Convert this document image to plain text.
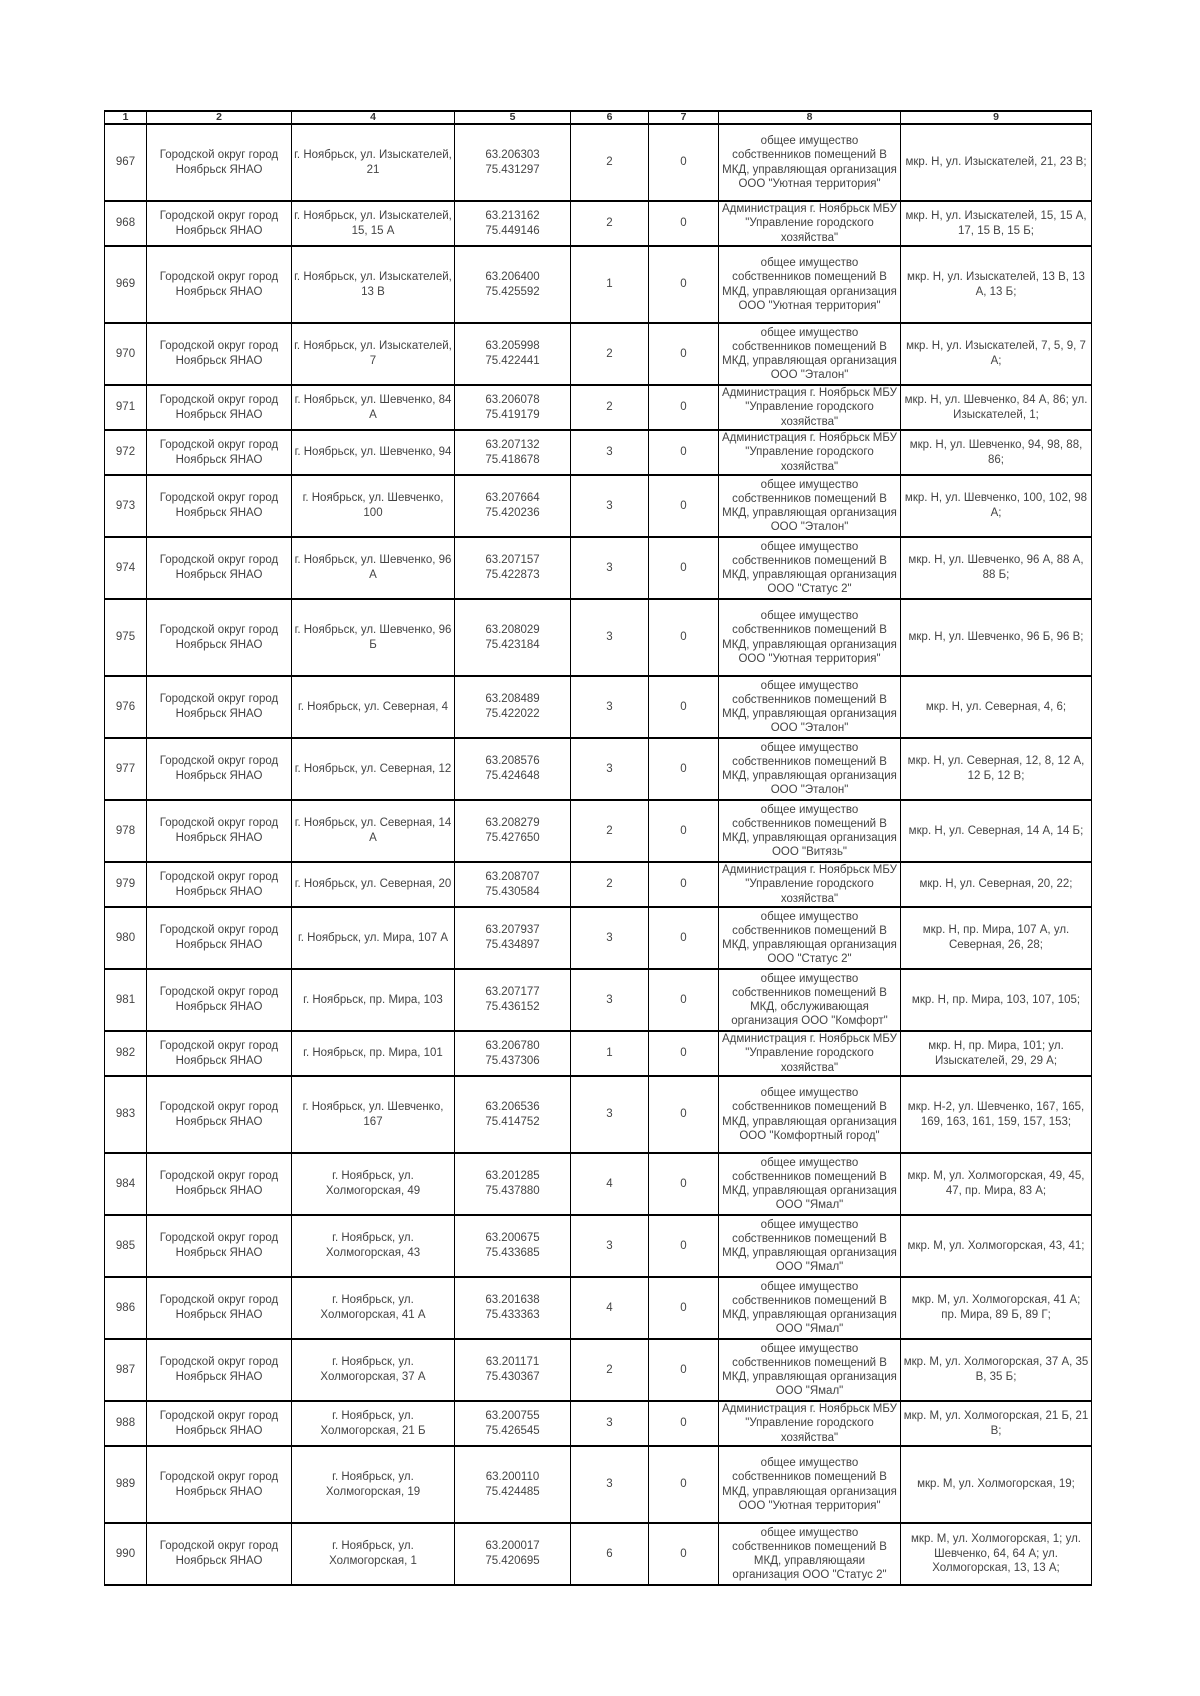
1	2	4	5	6	7	8	9
967	Городской округ город Ноябрьск ЯНАО	г. Ноябрьск, ул. Изыскателей, 21	63.206303 75.431297	2	0	общее имущество собственников помещений В МКД, управляющая организация ООО "Уютная территория"	мкр. Н, ул. Изыскателей, 21, 23 В;
968	Городской округ город Ноябрьск ЯНАО	г. Ноябрьск, ул. Изыскателей, 15, 15 А	63.213162 75.449146	2	0	Администрация г. Ноябрьск МБУ "Управление городского хозяйства"	мкр. Н, ул. Изыскателей, 15, 15 А, 17, 15 В, 15 Б;
969	Городской округ город Ноябрьск ЯНАО	г. Ноябрьск, ул. Изыскателей, 13 В	63.206400 75.425592	1	0	общее имущество собственников помещений В МКД, управляющая организация ООО "Уютная территория"	мкр. Н, ул. Изыскателей, 13 В, 13 А, 13 Б;
970	Городской округ город Ноябрьск ЯНАО	г. Ноябрьск, ул. Изыскателей, 7	63.205998 75.422441	2	0	общее имущество собственников помещений В МКД, управляющая организация ООО "Эталон"	мкр. Н, ул. Изыскателей, 7, 5, 9, 7 А;
971	Городской округ город Ноябрьск ЯНАО	г. Ноябрьск, ул. Шевченко, 84 А	63.206078 75.419179	2	0	Администрация г. Ноябрьск МБУ "Управление городского хозяйства"	мкр. Н, ул. Шевченко, 84 А, 86; ул. Изыскателей, 1;
972	Городской округ город Ноябрьск ЯНАО	г. Ноябрьск, ул. Шевченко, 94	63.207132 75.418678	3	0	Администрация г. Ноябрьск МБУ "Управление городского хозяйства"	мкр. Н, ул. Шевченко, 94, 98, 88, 86;
973	Городской округ город Ноябрьск ЯНАО	г. Ноябрьск, ул. Шевченко, 100	63.207664 75.420236	3	0	общее имущество собственников помещений В МКД, управляющая организация ООО "Эталон"	мкр. Н, ул. Шевченко, 100, 102, 98 А;
974	Городской округ город Ноябрьск ЯНАО	г. Ноябрьск, ул. Шевченко, 96 А	63.207157 75.422873	3	0	общее имущество собственников помещений В МКД, управляющая организация ООО "Статус 2"	мкр. Н, ул. Шевченко, 96 А, 88 А, 88 Б;
975	Городской округ город Ноябрьск ЯНАО	г. Ноябрьск, ул. Шевченко, 96 Б	63.208029 75.423184	3	0	общее имущество собственников помещений В МКД, управляющая организация ООО "Уютная территория"	мкр. Н, ул. Шевченко, 96 Б, 96 В;
976	Городской округ город Ноябрьск ЯНАО	г. Ноябрьск, ул. Северная, 4	63.208489 75.422022	3	0	общее имущество собственников помещений В МКД, управляющая организация ООО "Эталон"	мкр. Н, ул. Северная, 4, 6;
977	Городской округ город Ноябрьск ЯНАО	г. Ноябрьск, ул. Северная, 12	63.208576 75.424648	3	0	общее имущество собственников помещений В МКД, управляющая организация ООО "Эталон"	мкр. Н, ул. Северная, 12, 8, 12 А, 12 Б, 12 В;
978	Городской округ город Ноябрьск ЯНАО	г. Ноябрьск, ул. Северная, 14 А	63.208279 75.427650	2	0	общее имущество собственников помещений В МКД, управляющая организация ООО "Витязь"	мкр. Н, ул. Северная, 14 А, 14 Б;
979	Городской округ город Ноябрьск ЯНАО	г. Ноябрьск, ул. Северная, 20	63.208707 75.430584	2	0	Администрация г. Ноябрьск МБУ "Управление городского хозяйства"	мкр. Н, ул. Северная, 20, 22;
980	Городской округ город Ноябрьск ЯНАО	г. Ноябрьск, ул. Мира, 107 А	63.207937 75.434897	3	0	общее имущество собственников помещений В МКД, управляющая организация ООО "Статус 2"	мкр. Н, пр. Мира, 107 А, ул. Северная, 26, 28;
981	Городской округ город Ноябрьск ЯНАО	г. Ноябрьск, пр. Мира, 103	63.207177 75.436152	3	0	общее имущество собственников помещений В МКД, обслуживающая организация ООО "Комфорт"	мкр. Н, пр. Мира, 103, 107, 105;
982	Городской округ город Ноябрьск ЯНАО	г. Ноябрьск, пр. Мира, 101	63.206780 75.437306	1	0	Администрация г. Ноябрьск МБУ "Управление городского хозяйства"	мкр. Н, пр. Мира, 101; ул. Изыскателей, 29, 29 А;
983	Городской округ город Ноябрьск ЯНАО	г. Ноябрьск, ул. Шевченко, 167	63.206536 75.414752	3	0	общее имущество собственников помещений В МКД, управляющая организация ООО "Комфортный город"	мкр. Н-2, ул. Шевченко, 167, 165, 169, 163, 161, 159, 157, 153;
984	Городской округ город Ноябрьск ЯНАО	г. Ноябрьск, ул. Холмогорская, 49	63.201285 75.437880	4	0	общее имущество собственников помещений В МКД, управляющая организация ООО "Ямал"	мкр. М, ул. Холмогорская, 49, 45, 47, пр. Мира, 83 А;
985	Городской округ город Ноябрьск ЯНАО	г. Ноябрьск, ул. Холмогорская, 43	63.200675 75.433685	3	0	общее имущество собственников помещений В МКД, управляющая организация ООО "Ямал"	мкр. М, ул. Холмогорская, 43, 41;
986	Городской округ город Ноябрьск ЯНАО	г. Ноябрьск, ул. Холмогорская, 41 А	63.201638 75.433363	4	0	общее имущество собственников помещений В МКД, управляющая организация ООО "Ямал"	мкр. М, ул. Холмогорская, 41 А; пр. Мира, 89 Б, 89 Г;
987	Городской округ город Ноябрьск ЯНАО	г. Ноябрьск, ул. Холмогорская, 37 А	63.201171 75.430367	2	0	общее имущество собственников помещений В МКД, управляющая организация ООО "Ямал"	мкр. М, ул. Холмогорская, 37 А, 35 В, 35 Б;
988	Городской округ город Ноябрьск ЯНАО	г. Ноябрьск, ул. Холмогорская, 21 Б	63.200755 75.426545	3	0	Администрация г. Ноябрьск МБУ "Управление городского хозяйства"	мкр. М, ул. Холмогорская, 21 Б, 21 В;
989	Городской округ город Ноябрьск ЯНАО	г. Ноябрьск, ул. Холмогорская, 19	63.200110 75.424485	3	0	общее имущество собственников помещений В МКД, управляющая организация ООО "Уютная территория"	мкр. М, ул. Холмогорская, 19;
990	Городской округ город Ноябрьск ЯНАО	г. Ноябрьск, ул. Холмогорская, 1	63.200017 75.420695	6	0	общее имущество собственников помещений В МКД, управляющаяи организация ООО "Статус 2"	мкр. М, ул. Холмогорская, 1; ул. Шевченко, 64, 64 А; ул. Холмогорская, 13, 13 А;
